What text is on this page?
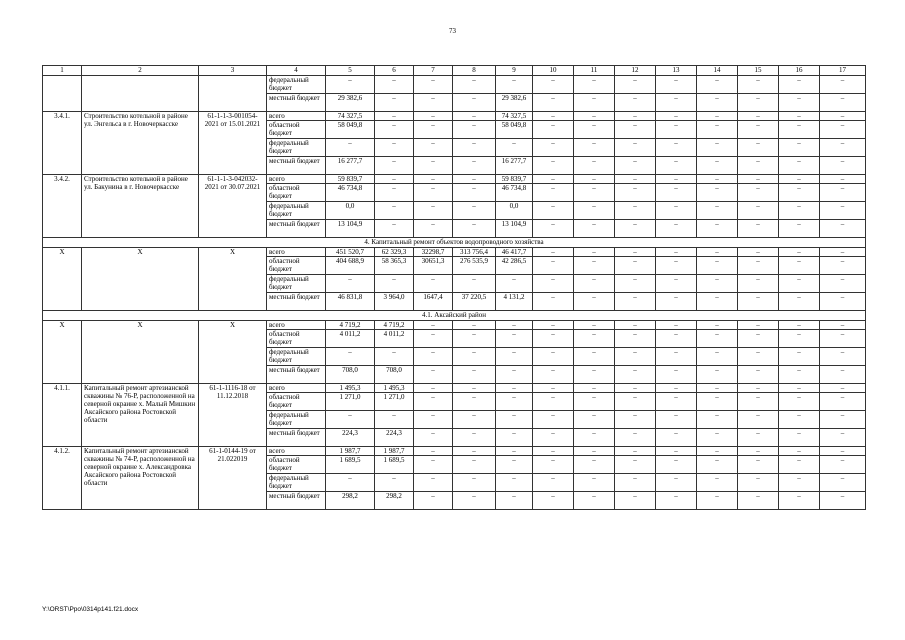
73
1	2	3	4	5	6	7	8	9	10	11	12	13	14	15	16	17
			федеральный бюджет	–	–	–	–	–	–	–	–	–	–	–	–	–
			местный бюджет	29 382,6	–	–	–	29 382,6	–	–	–	–	–	–	–	–
3.4.1.	Строительство котельной в районе ул. Энгельса в г. Новочеркасске	61-1-1-3-001054-2021 от 15.01.2021	всего	74 327,5	–	–	–	74 327,5	–	–	–	–	–	–	–	–
			областной бюджет	58 049,8	–	–	–	58 049,8	–	–	–	–	–	–	–	–
			федеральный бюджет	–	–	–	–	–	–	–	–	–	–	–	–	–
			местный бюджет	16 277,7	–	–	–	16 277,7	–	–	–	–	–	–	–	–
3.4.2.	Строительство котельной в районе ул. Бакунина в г. Новочеркасске	61-1-1-3-042032-2021 от 30.07.2021	всего	59 839,7	–	–	–	59 839,7	–	–	–	–	–	–	–	–
			областной бюджет	46 734,8	–	–	–	46 734,8	–	–	–	–	–	–	–	–
			федеральный бюджет	0,0	–	–	–	0,0	–	–	–	–	–	–	–	–
			местный бюджет	13 104,9	–	–	–	13 104,9	–	–	–	–	–	–	–	–
4. Капитальный ремонт объектов водопроводного хозяйства																
X	X	X	всего	451 520,7	62 329,3	32298,7	313 756,4	46 417,7	–	–	–	–	–	–	–	–
			областной бюджет	404 688,9	58 365,3	30651,3	276 535,9	42 286,5	–	–	–	–	–	–	–	–
			федеральный бюджет	–	–	–	–	–	–	–	–	–	–	–	–	–
			местный бюджет	46 831,8	3 964,0	1647,4	37 220,5	4 131,2	–	–	–	–	–	–	–	–
4.1. Аксайский район																
X	X	X	всего	4 719,2	4 719,2	–	–	–	–	–	–	–	–	–	–	–
			областной бюджет	4 011,2	4 011,2	–	–	–	–	–	–	–	–	–	–	–
			федеральный бюджет	–	–	–	–	–	–	–	–	–	–	–	–	–
			местный бюджет	708,0	708,0	–	–	–	–	–	–	–	–	–	–	–
4.1.1.	Капитальный ремонт артезианской скважины № 76-Р, расположенной на северной окраине х. Малый Мишкин Аксайского района Ростовской области	61-1-1116-18 от 11.12.2018	всего	1 495,3	1 495,3	–	–	–	–	–	–	–	–	–	–	–
			областной бюджет	1 271,0	1 271,0	–	–	–	–	–	–	–	–	–	–	–
			федеральный бюджет	–	–	–	–	–	–	–	–	–	–	–	–	–
			местный бюджет	224,3	224,3	–	–	–	–	–	–	–	–	–	–	–
4.1.2.	Капитальный ремонт артезианской скважины № 74-Р, расположенной на северной окраине х. Александровка Аксайского района Ростовской области	61-1-0144-19 от 21.022019	всего	1 987,7	1 987,7	–	–	–	–	–	–	–	–	–	–	–
			областной бюджет	1 689,5	1 689,5	–	–	–	–	–	–	–	–	–	–	–
			федеральный бюджет	–	–	–	–	–	–	–	–	–	–	–	–	–
			местный бюджет	298,2	298,2	–	–	–	–	–	–	–	–	–	–	–
Y:\ORST\Ppo\0314p141.f21.docx
